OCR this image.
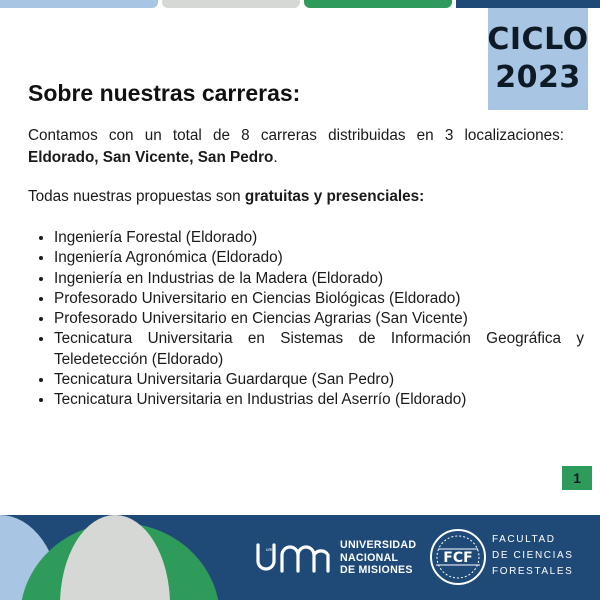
CICLO
2023
Sobre nuestras carreras:

Contamos con un total de 8 carreras distribuidas en 3 localizaciones: Eldorado, San Vicente, San Pedro.

Todas nuestras propuestas son gratuitas y presenciales:

• Ingeniería Forestal (Eldorado)
• Ingeniería Agronómica (Eldorado)
• Ingeniería en Industrias de la Madera (Eldorado)
• Profesorado Universitario en Ciencias Biológicas (Eldorado)
• Profesorado Universitario en Ciencias Agrarias (San Vicente)
• Tecnicatura Universitaria en Sistemas de Información Geográfica y Teledetección (Eldorado)
• Tecnicatura Universitaria Guardarque (San Pedro)
• Tecnicatura Universitaria en Industrias del Aserrío (Eldorado)
1
um	UNIVERSIDAD
NACIONAL
DE MISIONES
FCF
FACULTAD
DE CIENCIAS
FORESTALES
